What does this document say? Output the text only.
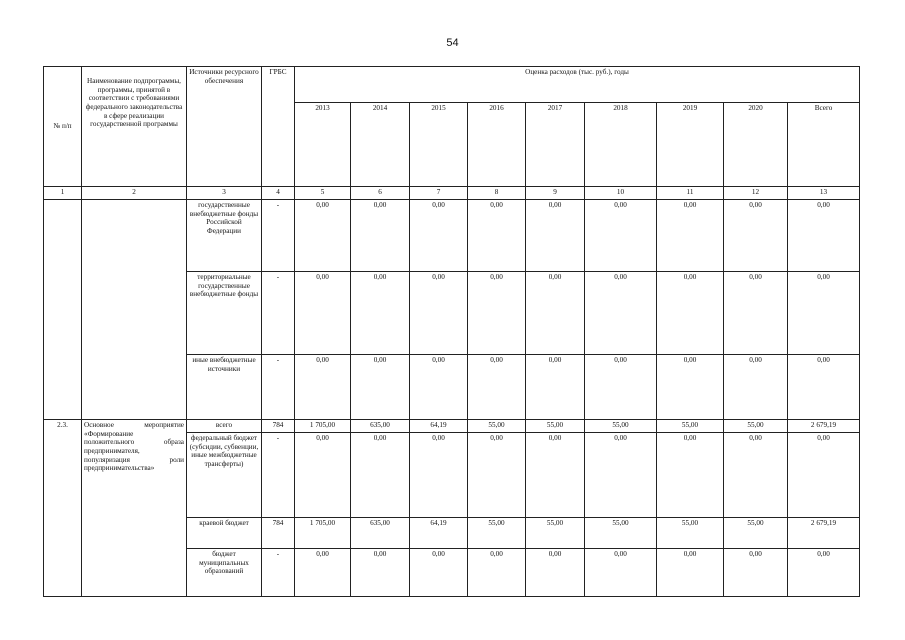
54
№ п/п	Наименование подпрограммы, программы, принятой в соответствии с требованиями федерального законодательства в сфере реализации государственной программы	Источники ресурсного обеспечения	ГРБС	Оценка расходов (тыс. руб.), годы								
				2013	2014	2015	2016	2017	2018	2019	2020	Всего
1	2	3	4	5	6	7	8	9	10	11	12	13
		государственные внебюджетные фонды Российской Федерации	-	0,00	0,00	0,00	0,00	0,00	0,00	0,00	0,00	0,00
		территориальные государственные внебюджетные фонды	-	0,00	0,00	0,00	0,00	0,00	0,00	0,00	0,00	0,00
		иные внебюджетные источники	-	0,00	0,00	0,00	0,00	0,00	0,00	0,00	0,00	0,00
2.3.	Основное мероприятие «Формирование положительного образа предпринимателя, популяризация роли предпринимательства»	всего	784	1 705,00	635,00	64,19	55,00	55,00	55,00	55,00	55,00	2 679,19
		федеральный бюджет (субсидии, субвенции, иные межбюджетные трансферты)	-	0,00	0,00	0,00	0,00	0,00	0,00	0,00	0,00	0,00
		краевой бюджет	784	1 705,00	635,00	64,19	55,00	55,00	55,00	55,00	55,00	2 679,19
		бюджет муниципальных образований	-	0,00	0,00	0,00	0,00	0,00	0,00	0,00	0,00	0,00
